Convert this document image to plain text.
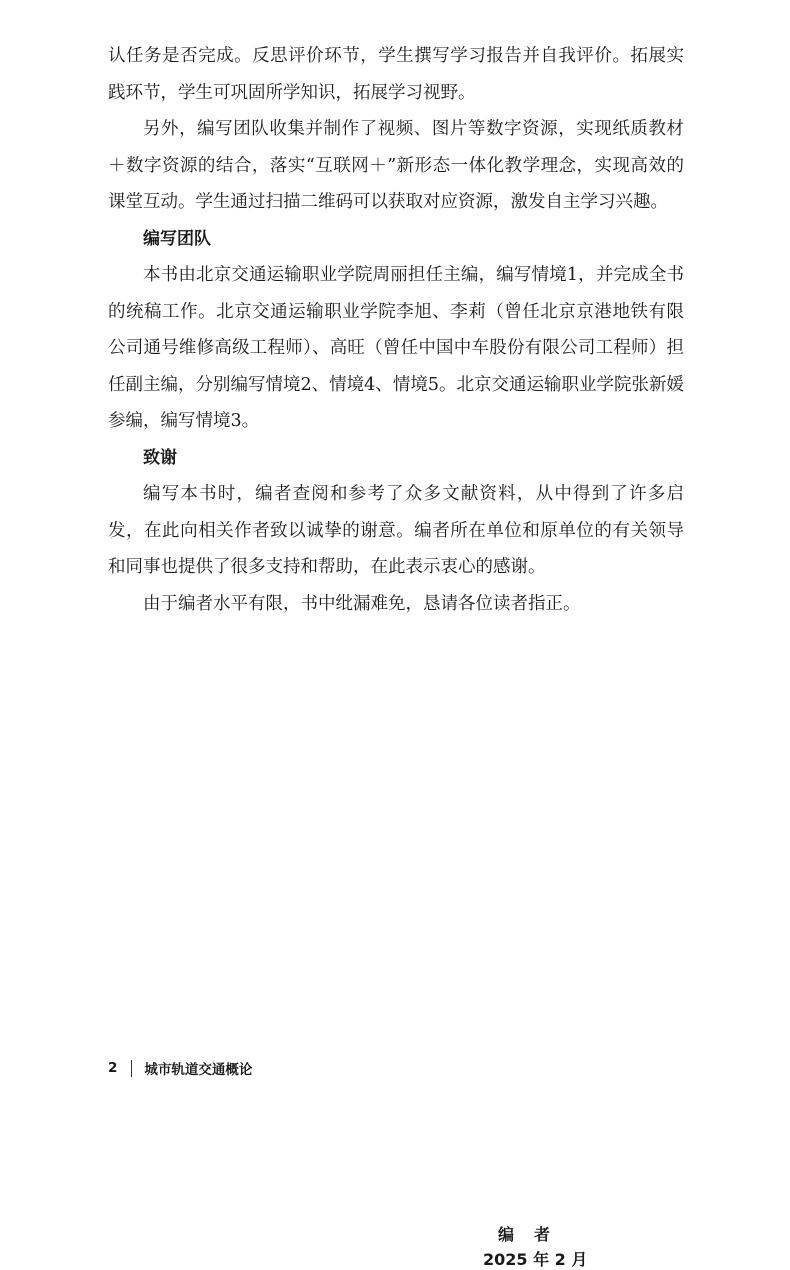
认任务是否完成。反思评价环节，学生撰写学习报告并自我评价。拓展实践环节，学生可巩固所学知识，拓展学习视野。

另外，编写团队收集并制作了视频、图片等数字资源，实现纸质教材＋数字资源的结合，落实“互联网＋”新形态一体化教学理念，实现高效的课堂互动。学生通过扫描二维码可以获取对应资源，激发自主学习兴趣。

编写团队

本书由北京交通运输职业学院周丽担任主编，编写情境1，并完成全书的统稿工作。北京交通运输职业学院李旭、李莉（曾任北京京港地铁有限公司通号维修高级工程师）、高旺（曾任中国中车股份有限公司工程师）担任副主编，分别编写情境2、情境4、情境5。北京交通运输职业学院张新媛参编，编写情境3。

致谢

编写本书时，编者查阅和参考了众多文献资料，从中得到了许多启发，在此向相关作者致以诚挚的谢意。编者所在单位和原单位的有关领导和同事也提供了很多支持和帮助，在此表示衷心的感谢。

由于编者水平有限，书中纰漏难免，恳请各位读者指正。

编者
2025 年 2 月
2 城市轨道交通概论
